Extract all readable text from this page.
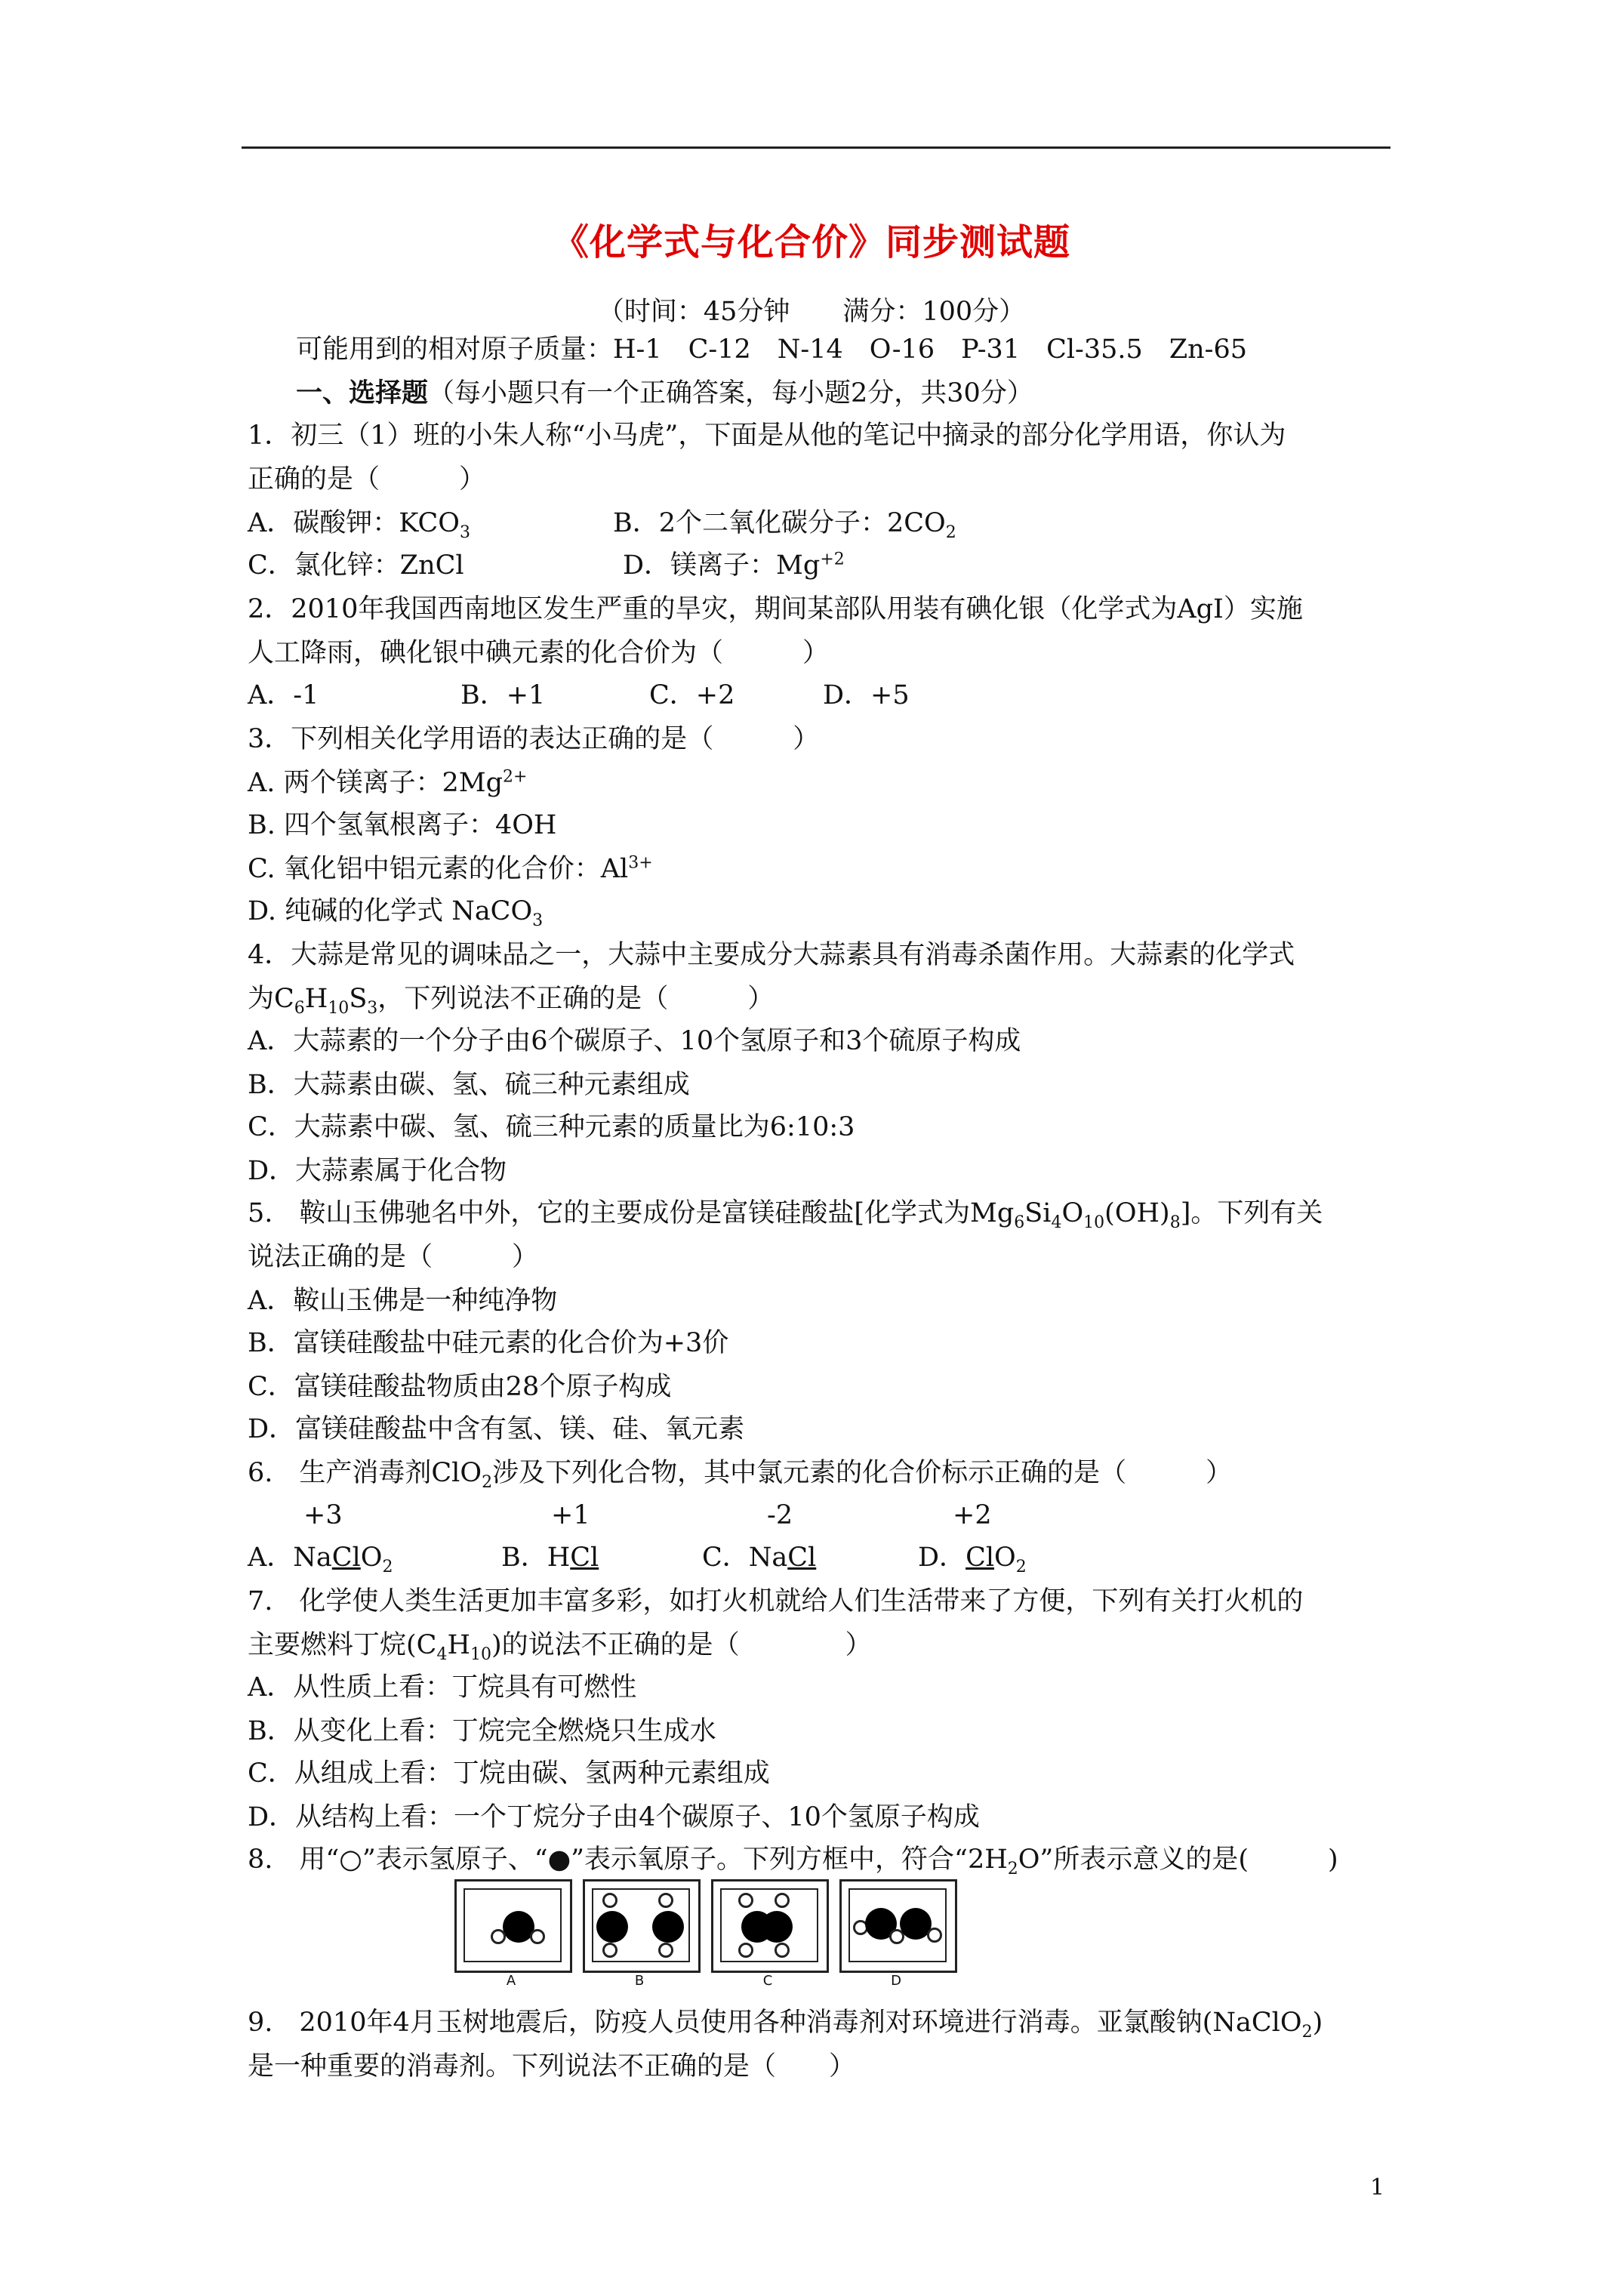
《化学式与化合价》同步测试题
（时间：45分钟　　满分：100分）
可能用到的相对原子质量：H-1　C-12　N-14　O-16　P-31　Cl-35.5　Zn-65
一、选择题（每小题只有一个正确答案，每小题2分，共30分）
1．初三（1）班的小朱人称“小马虎”，下面是从他的笔记中摘录的部分化学用语，你认为
正确的是（　　　）
A．碳酸钾：$KCO_3$	B．2个二氧化碳分子：$2CO_2$
C．氯化锌：ZnCl	D．镁离子：$Mg^{+2}$
2．2010年我国西南地区发生严重的旱灾，期间某部队用装有碘化银（化学式为AgI）实施
人工降雨，碘化银中碘元素的化合价为（　　　）
A．-1	B．+1	C．+2	D．+5
3．下列相关化学用语的表达正确的是（　　　）
A. 两个镁离子：$2Mg^{2+}$
B. 四个氢氧根离子：4OH
C. 氧化铝中铝元素的化合价：$Al^{3+}$
D. 纯碱的化学式 NaCO$_3$
4．大蒜是常见的调味品之一，大蒜中主要成分大蒜素具有消毒杀菌作用。大蒜素的化学式
为$C_6H_{10}S_3$，下列说法不正确的是（　　　）
A．大蒜素的一个分子由6个碳原子、10个氢原子和3个硫原子构成
B．大蒜素由碳、氢、硫三种元素组成
C．大蒜素中碳、氢、硫三种元素的质量比为6:10:3
D．大蒜素属于化合物
5.　鞍山玉佛驰名中外，它的主要成份是富镁硅酸盐[化学式为$Mg_6Si_4O_{10}(OH)_8$]。下列有关
说法正确的是（　　　）
A．鞍山玉佛是一种纯净物
B．富镁硅酸盐中硅元素的化合价为+3价
C．富镁硅酸盐物质由28个原子构成
D．富镁硅酸盐中含有氢、镁、硅、氧元素
6.　生产消毒剂ClO$_2$涉及下列化合物，其中氯元素的化合价标示正确的是（　　　）
+3	+1	-2	+2
A．NaClO$_2$	B．HCl	C．NaCl	D．ClO$_2$
7.　化学使人类生活更加丰富多彩，如打火机就给人们生活带来了方便，下列有关打火机的
主要燃料丁烷$(C_4H_{10})$的说法不正确的是（　　　　）
A．从性质上看：丁烷具有可燃性
B．从变化上看：丁烷完全燃烧只生成水
C．从组成上看：丁烷由碳、氢两种元素组成
D．从结构上看：一个丁烷分子由4个碳原子、10个氢原子构成
8.　用“○”表示氢原子、“●”表示氧原子。下列方框中，符合“$2H_2O$”所表示意义的是(　　　)
A	B	C	D
9.　2010年4月玉树地震后，防疫人员使用各种消毒剂对环境进行消毒。亚氯酸钠(NaClO$_2$)
是一种重要的消毒剂。下列说法不正确的是（　　）
1
